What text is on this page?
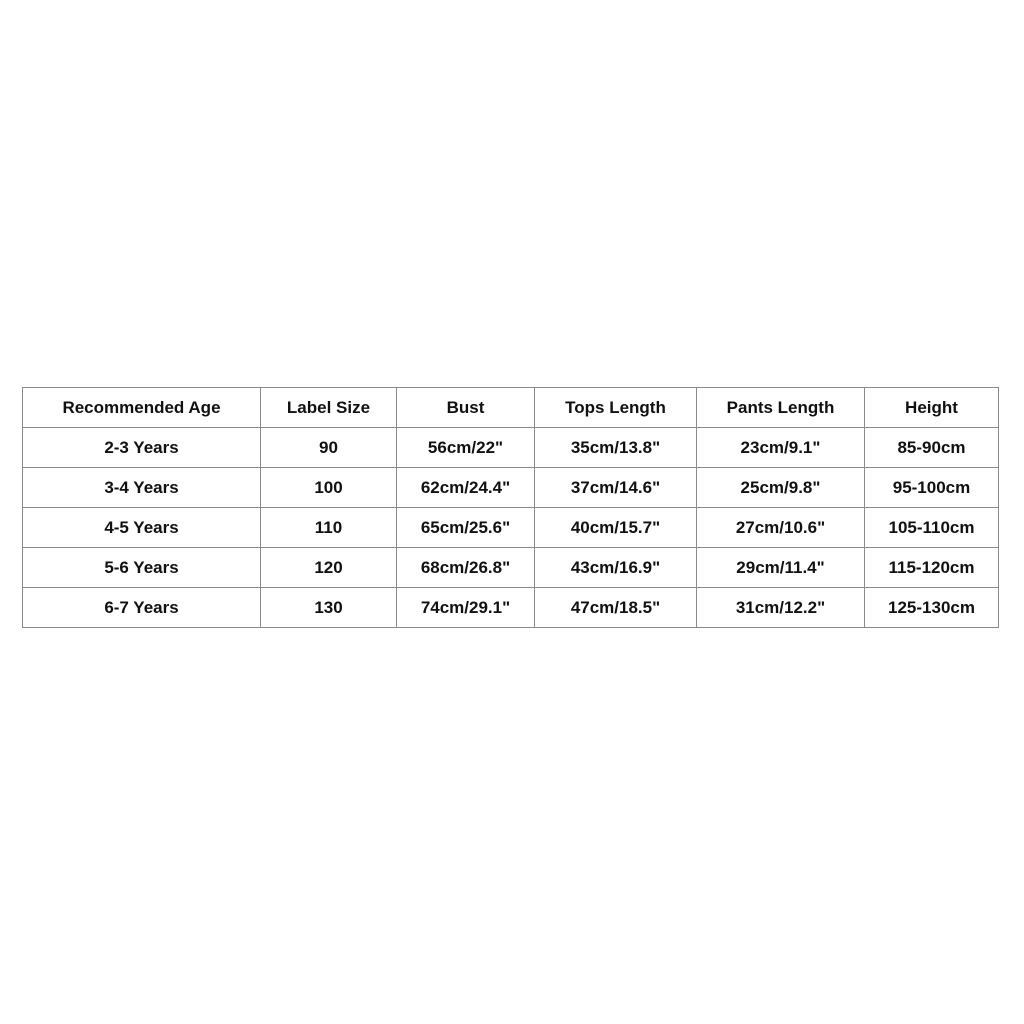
Recommended Age	Label Size	Bust	Tops Length	Pants Length	Height
2-3 Years	90	56cm/22"	35cm/13.8"	23cm/9.1"	85-90cm
3-4 Years	100	62cm/24.4"	37cm/14.6"	25cm/9.8"	95-100cm
4-5 Years	110	65cm/25.6"	40cm/15.7"	27cm/10.6"	105-110cm
5-6 Years	120	68cm/26.8"	43cm/16.9"	29cm/11.4"	115-120cm
6-7 Years	130	74cm/29.1"	47cm/18.5"	31cm/12.2"	125-130cm
